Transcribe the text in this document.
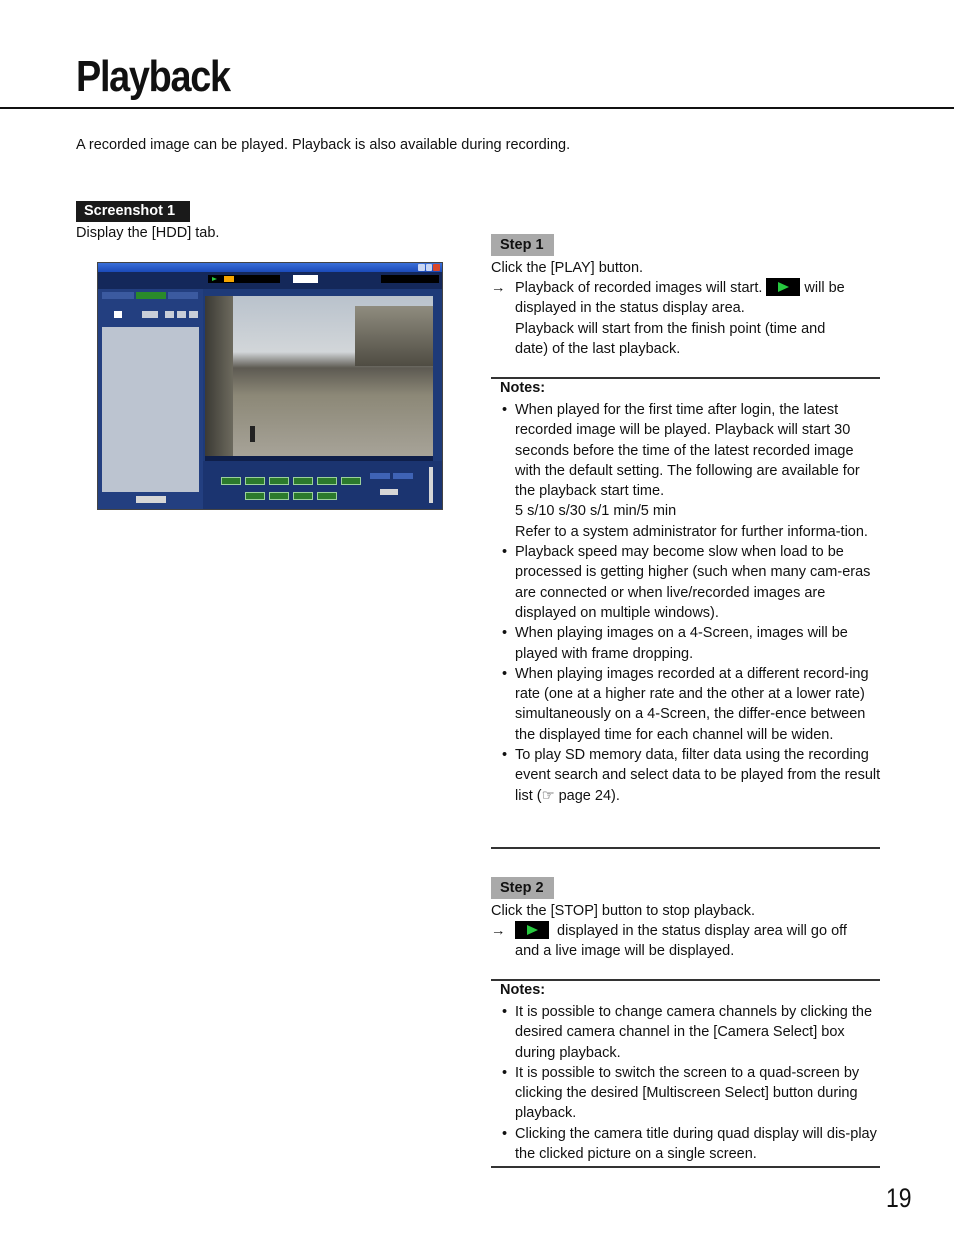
Playback
A recorded image can be played. Playback is also available during recording.
Screenshot 1
Display the [HDD] tab.
Step 1
Click the [PLAY] button.
→ Playback of recorded images will start.	will be
displayed in the status display area.
Playback will start from the finish point (time and
date) of the last playback.
Notes:
• When played for the first time after login, the latest recorded image will be played. Playback will start 30 seconds before the time of the latest recorded image with the default setting. The following are available for the playback start time.
5 s/10 s/30 s/1 min/5 min
Refer to a system administrator for further informa-tion.
• Playback speed may become slow when load to be processed is getting higher (such when many cam-eras are connected or when live/recorded images are displayed on multiple windows).
• When playing images on a 4-Screen, images will be played with frame dropping.
• When playing images recorded at a different record-ing rate (one at a higher rate and the other at a lower rate) simultaneously on a 4-Screen, the differ-ence between the displayed time for each channel will be widen.
• To play SD memory data, filter data using the recording event search and select data to be played from the result list (☞ page 24).
Step 2
Click the [STOP] button to stop playback.
→	displayed in the status display area will go off
and a live image will be displayed.
Notes:
• It is possible to change camera channels by clicking the desired camera channel in the [Camera Select] box during playback.
• It is possible to switch the screen to a quad-screen by clicking the desired [Multiscreen Select] button during playback.
• Clicking the camera title during quad display will dis-play the clicked picture on a single screen.
19
